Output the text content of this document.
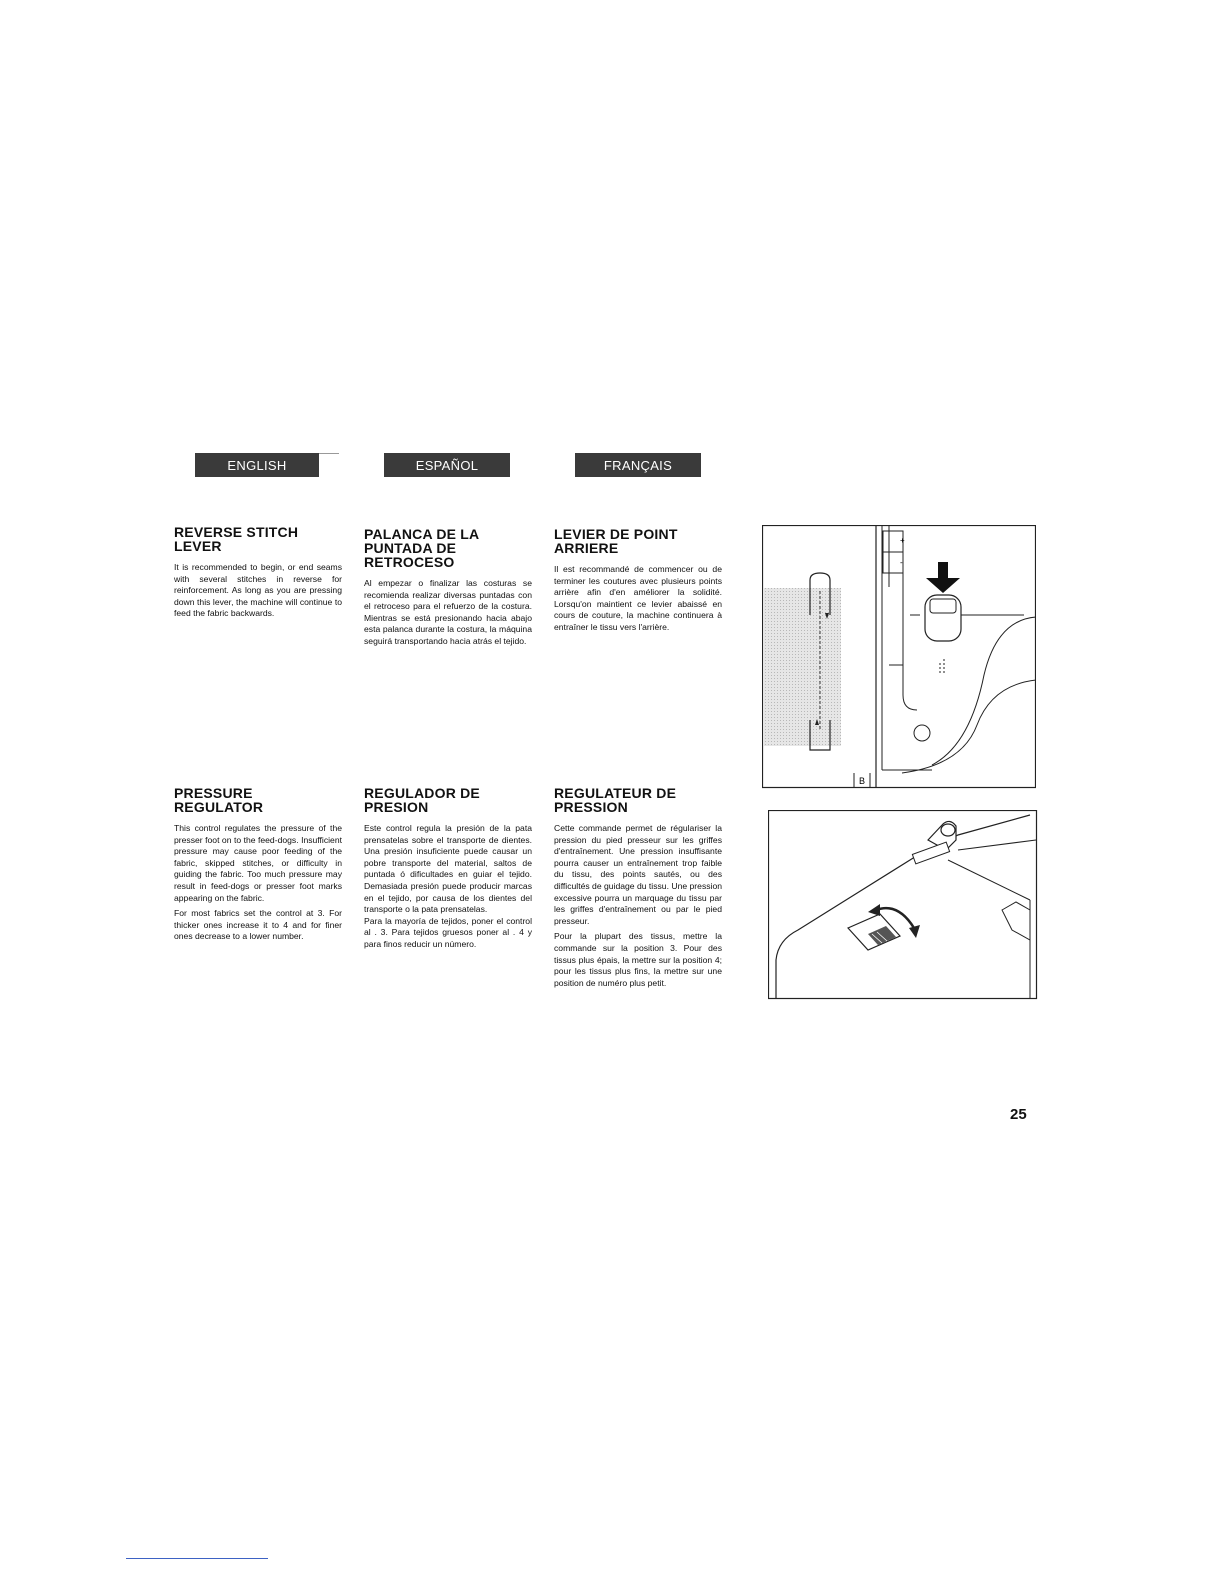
ENGLISH	ESPAÑOL	FRANÇAIS
REVERSE STITCH
LEVER

It is recommended to begin, or end seams with several stitches in reverse for reinforcement. As long as you are pressing down this lever, the machine will continue to feed the fabric backwards.

PRESSURE
REGULATOR

This control regulates the pressure of the presser foot on to the feed-dogs. Insufficient pressure may cause poor feeding of the fabric, skipped stitches, or difficulty in guiding the fabric. Too much pressure may result in feed-dogs or presser foot marks appearing on the fabric.

For most fabrics set the control at 3. For thicker ones increase it to 4 and for finer ones decrease to a lower number.

PALANCA DE LA
PUNTADA DE
RETROCESO

Al empezar o finalizar las costuras se recomienda realizar diversas puntadas con el retroceso para el refuerzo de la costura. Mientras se está presionando hacia abajo esta palanca durante la costura, la máquina seguirá transportando hacia atrás el tejido.

REGULADOR DE
PRESION

Este control regula la presión de la pata prensatelas sobre el transporte de dientes. Una presión insuficiente puede causar un pobre transporte del material, saltos de puntada ó dificultades en guiar el tejido. Demasiada presión puede producir marcas en el tejido, por causa de los dientes del transporte o la pata prensatelas.

Para la mayoría de tejidos, poner el control al . 3. Para tejidos gruesos poner al . 4 y para finos reducir un número.

LEVIER DE POINT
ARRIERE

Il est recommandé de commencer ou de terminer les coutures avec plusieurs points arrière afin d'en améliorer la solidité. Lorsqu'on maintient ce levier abaissé en cours de couture, la machine continuera à entraîner le tissu vers l'arrière.

REGULATEUR DE
PRESSION

Cette commande permet de régulariser la pression du pied presseur sur les griffes d'entraînement. Une pression insuffisante pourra causer un entraînement trop faible du tissu, des points sautés, ou des difficultés de guidage du tissu. Une pression excessive pourra un marquage du tissu par les griffes d'entraînement ou par le pied presseur.

Pour la plupart des tissus, mettre la commande sur la position 3. Pour des tissus plus épais, la mettre sur la position 4; pour les tissus plus fins, la mettre sur une position de numéro plus petit.

+
-
B
25
